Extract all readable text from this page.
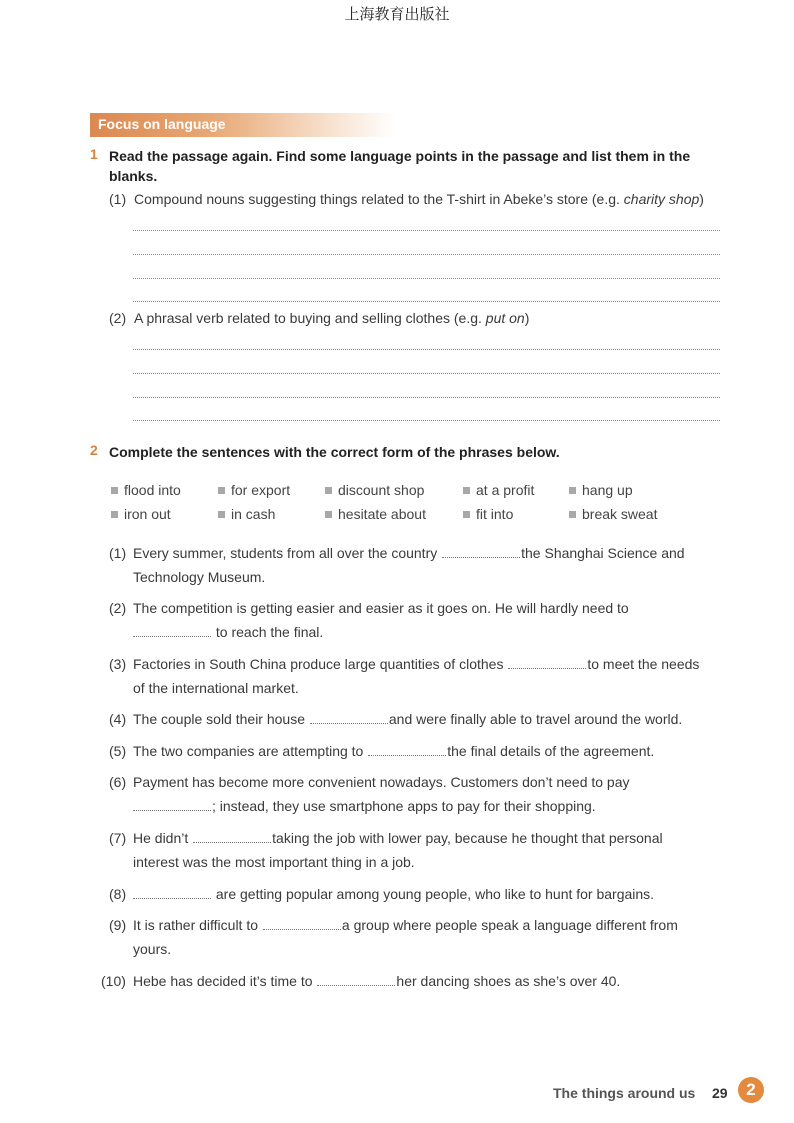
上海教育出版社
Focus on language
1 Read the passage again. Find some language points in the passage and list them in the
blanks.
(1) Compound nouns suggesting things related to the T-shirt in Abeke’s store (e.g. charity shop)
(2) A phrasal verb related to buying and selling clothes (e.g. put on)
2 Complete the sentences with the correct form of the phrases below.
flood into	for export	discount shop	at a profit	hang up
iron out	in cash	hesitate about	fit into	break sweat
(1) Every summer, students from all over the country	the Shanghai Science and
Technology Museum.
(2) The competition is getting easier and easier as it goes on. He will hardly need to
to reach the final.
(3) Factories in South China produce large quantities of clothes	to meet the needs
of the international market.
(4) The couple sold their house	and were finally able to travel around the world.
(5) The two companies are attempting to	the final details of the agreement.
(6) Payment has become more convenient nowadays. Customers don’t need to pay
; instead, they use smartphone apps to pay for their shopping.
(7) He didn’t	taking the job with lower pay, because he thought that personal
interest was the most important thing in a job.
(8)	are getting popular among young people, who like to hunt for bargains.
(9) It is rather difficult to	a group where people speak a language different from
yours.
(10) Hebe has decided it’s time to	her dancing shoes as she’s over 40.
The things around us 29	2
